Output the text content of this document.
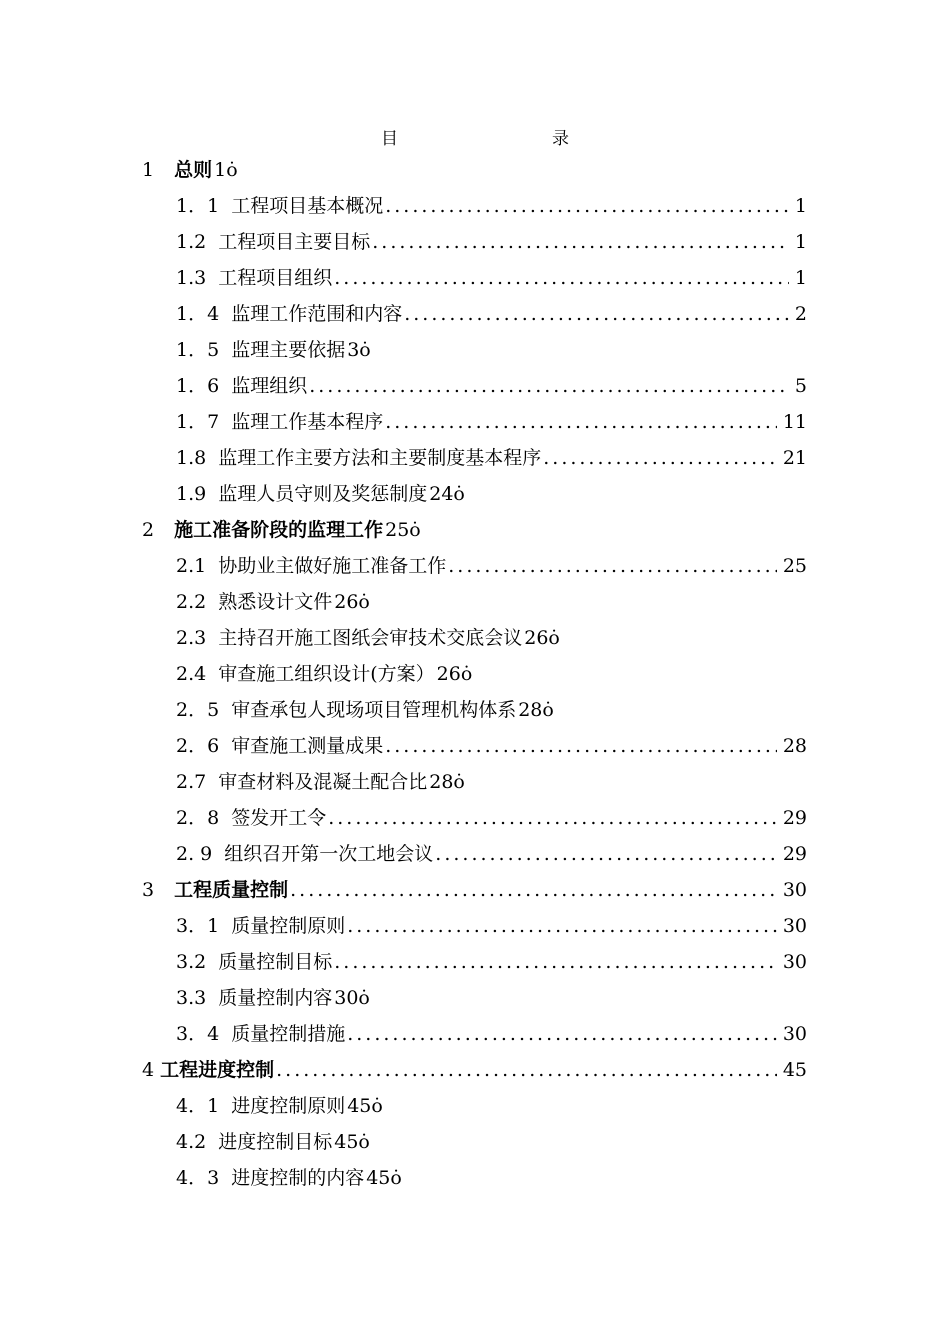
目　　录
1 总则 1ȯ
1．1 工程项目基本概况 .....	1
1.2 工程项目主要目标 .....	1
1.3 工程项目组织 .....	1
1．4 监理工作范围和内容 .....	2
1．5 监理主要依据 3ȯ
1．6 监理组织 .....	5
1．7 监理工作基本程序 .....	11
1.8 监理工作主要方法和主要制度基本程序 .....	21
1.9 监理人员守则及奖惩制度 24ȯ
2 施工准备阶段的监理工作 25ȯ
2.1 协助业主做好施工准备工作 .....	25
2.2 熟悉设计文件 26ȯ
2.3 主持召开施工图纸会审技术交底会议 26ȯ
2.4 审查施工组织设计(方案） 26ȯ
2．5 审查承包人现场项目管理机构体系 28ȯ
2．6 审查施工测量成果 .....	28
2.7 审查材料及混凝土配合比 28ȯ
2．8 签发开工令 .....	29
2. 9 组织召开第一次工地会议 .....	29
3 工程质量控制 .....	30
3．1 质量控制原则 .....	30
3.2 质量控制目标 .....	30
3.3 质量控制内容 30ȯ
3．4 质量控制措施 .....	30
4 工程进度控制 .....	45
4．1 进度控制原则 45ȯ
4.2 进度控制目标 45ȯ
4．3 进度控制的内容 45ȯ
